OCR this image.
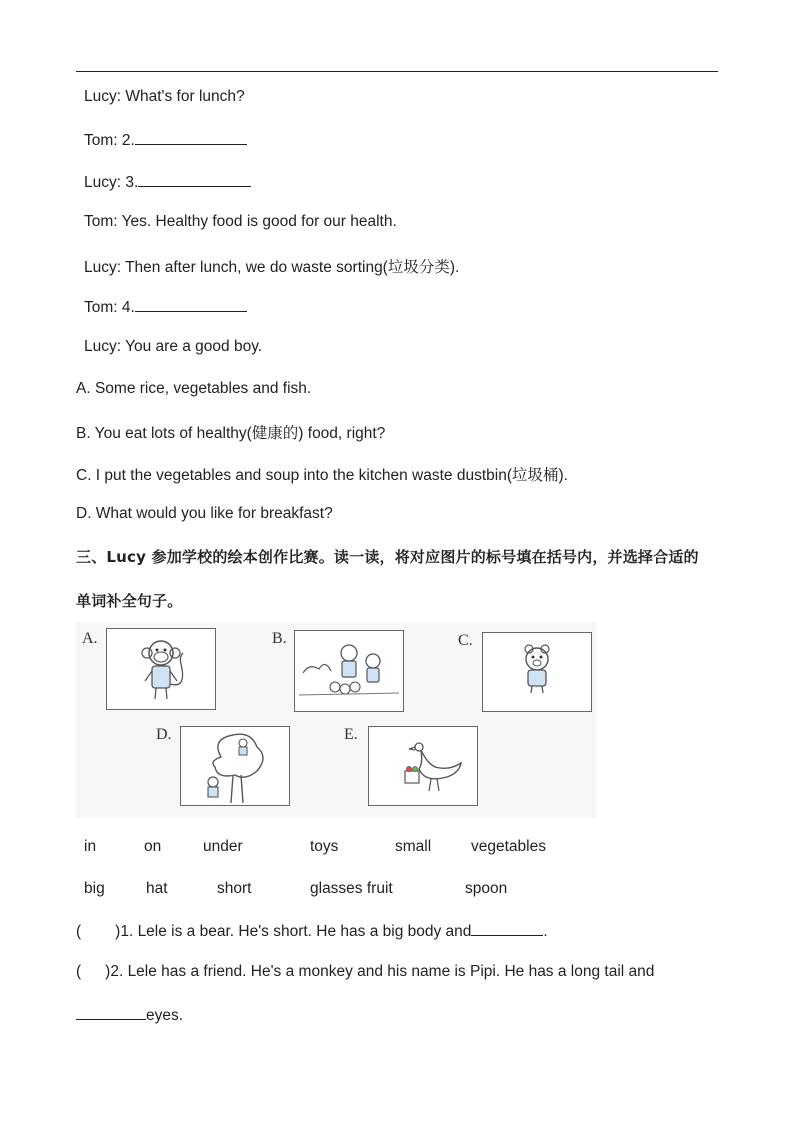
Lucy: What's for lunch?
Tom: 2.
Lucy: 3.
Tom: Yes. Healthy food is good for our health.
Lucy: Then after lunch, we do waste sorting(垃圾分类).
Tom: 4.
Lucy: You are a good boy.
A. Some rice, vegetables and fish.
B. You eat lots of healthy(健康的) food, right?
C. I put the vegetables and soup into the kitchen waste dustbin(垃圾桶).
D. What would you like for breakfast?
三、Lucy 参加学校的绘本创作比赛。读一读，将对应图片的标号填在括号内，并选择合适的
单词补全句子。
A.	B.	C.
D.	E.
in	on	under	toys	small	vegetables
big	hat	short	glasses fruit	spoon
( )1. Lele is a bear. He's short. He has a big body and	.
( )2. Lele has a friend. He's a monkey and his name is Pipi. He has a long tail and
eyes.
